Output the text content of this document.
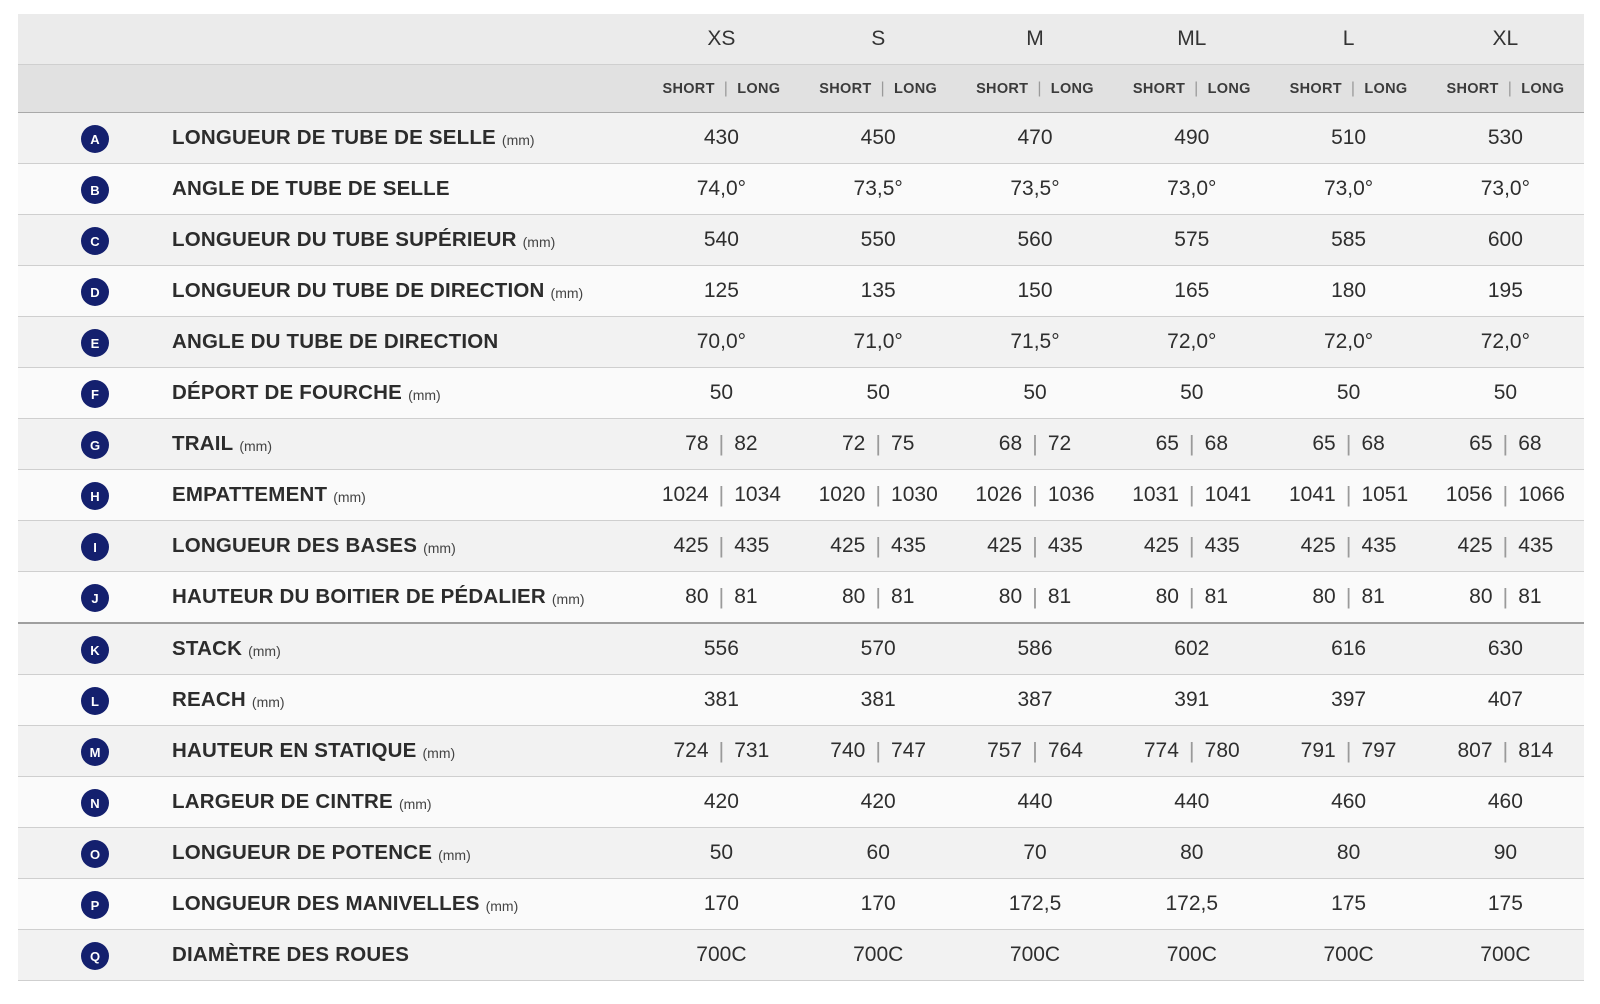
XS	S	M	ML	L	XL
SHORT | LONG	SHORT | LONG	SHORT | LONG	SHORT | LONG	SHORT | LONG	SHORT | LONG
A	LONGUEUR DE TUBE DE SELLE (mm)	430	450	470	490	510	530
B	ANGLE DE TUBE DE SELLE	74,0°	73,5°	73,5°	73,0°	73,0°	73,0°
C	LONGUEUR DU TUBE SUPÉRIEUR (mm)	540	550	560	575	585	600
D	LONGUEUR DU TUBE DE DIRECTION (mm)	125	135	150	165	180	195
E	ANGLE DU TUBE DE DIRECTION	70,0°	71,0°	71,5°	72,0°	72,0°	72,0°
F	DÉPORT DE FOURCHE (mm)	50	50	50	50	50	50
G	TRAIL (mm)	78 | 82	72 | 75	68 | 72	65 | 68	65 | 68	65 | 68
H	EMPATTEMENT (mm)	1024 | 1034	1020 | 1030	1026 | 1036	1031 | 1041	1041 | 1051	1056 | 1066
I	LONGUEUR DES BASES (mm)	425 | 435	425 | 435	425 | 435	425 | 435	425 | 435	425 | 435
J	HAUTEUR DU BOITIER DE PÉDALIER (mm)	80 | 81	80 | 81	80 | 81	80 | 81	80 | 81	80 | 81
K	STACK (mm)	556	570	586	602	616	630
L	REACH (mm)	381	381	387	391	397	407
M	HAUTEUR EN STATIQUE (mm)	724 | 731	740 | 747	757 | 764	774 | 780	791 | 797	807 | 814
N	LARGEUR DE CINTRE (mm)	420	420	440	440	460	460
O	LONGUEUR DE POTENCE (mm)	50	60	70	80	80	90
P	LONGUEUR DES MANIVELLES (mm)	170	170	172,5	172,5	175	175
Q	DIAMÈTRE DES ROUES	700C	700C	700C	700C	700C	700C
